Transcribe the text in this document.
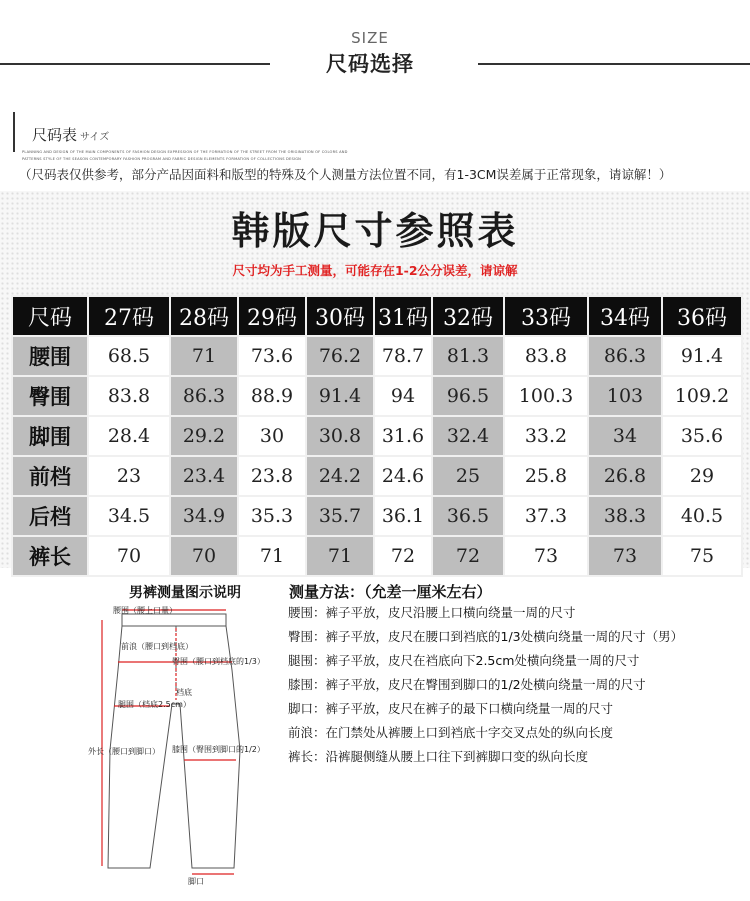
SIZE
尺码选择
尺码表 サイズ
PLANNING AND DESIGN OF THE MAIN COMPONENTS OF FASHION DESIGN EXPRESSION OF THE FORMATION OF THE STREET FROM THE ORIGINATION OF COLORS AND
PATTERNS STYLE OF THE SEASON CONTEMPORARY FASHION PROGRAM AND FABRIC DESIGN ELEMENTS FORMATION OF COLLECTIONS DESIGN
（尺码表仅供参考，部分产品因面料和版型的特殊及个人测量方法位置不同，有1-3CM误差属于正常现象，请谅解！）
韩版尺寸参照表
尺寸均为手工测量，可能存在1-2公分误差，请谅解
尺码	27码	28码	29码	30码	31码	32码	33码	34码	36码
腰围	68.5	71	73.6	76.2	78.7	81.3	83.8	86.3	91.4
臀围	83.8	86.3	88.9	91.4	94	96.5	100.3	103	109.2
脚围	28.4	29.2	30	30.8	31.6	32.4	33.2	34	35.6
前档	23	23.4	23.8	24.2	24.6	25	25.8	26.8	29
后档	34.5	34.9	35.3	35.7	36.1	36.5	37.3	38.3	40.5
裤长	70	70	71	71	72	72	73	73	75
男裤测量图示说明
腰围（腰上口量）
前浪（腰口到档底）
臀围（腰口到档底的1/3）
档底
腿围（档底2.5cm）
外长（腰口到脚口） 膝围（臀围到脚口的1/2）
脚口
测量方法：（允差一厘米左右）
腰围：裤子平放，皮尺沿腰上口横向绕量一周的尺寸
臀围：裤子平放，皮尺在腰口到裆底的1/3处横向绕量一周的尺寸（男）
腿围：裤子平放，皮尺在裆底向下2.5cm处横向绕量一周的尺寸
膝围：裤子平放，皮尺在臀围到脚口的1/2处横向绕量一周的尺寸
脚口：裤子平放，皮尺在裤子的最下口横向绕量一周的尺寸
前浪：在门禁处从裤腰上口到裆底十字交叉点处的纵向长度
裤长：沿裤腿侧缝从腰上口往下到裤脚口变的纵向长度
